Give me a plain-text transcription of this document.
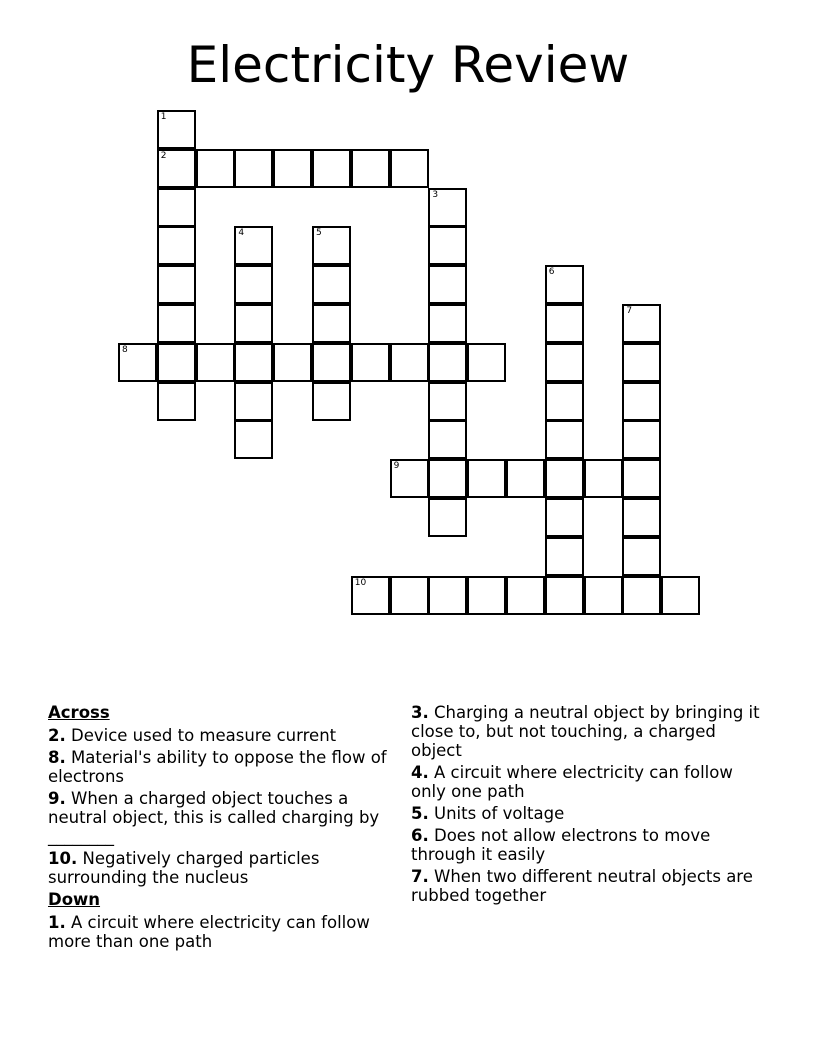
Electricity Review
1
2
3
4	5
6
7
8
9
10
Across
2. Device used to measure current
8. Material's ability to oppose the flow of electrons
9. When a charged object touches a neutral object, this is called charging by ________
10. Negatively charged particles surrounding the nucleus
Down
1. A circuit where electricity can follow more than one path
3. Charging a neutral object by bringing it close to, but not touching, a charged object
4. A circuit where electricity can follow only one path
5. Units of voltage
6. Does not allow electrons to move through it easily
7. When two different neutral objects are rubbed together
